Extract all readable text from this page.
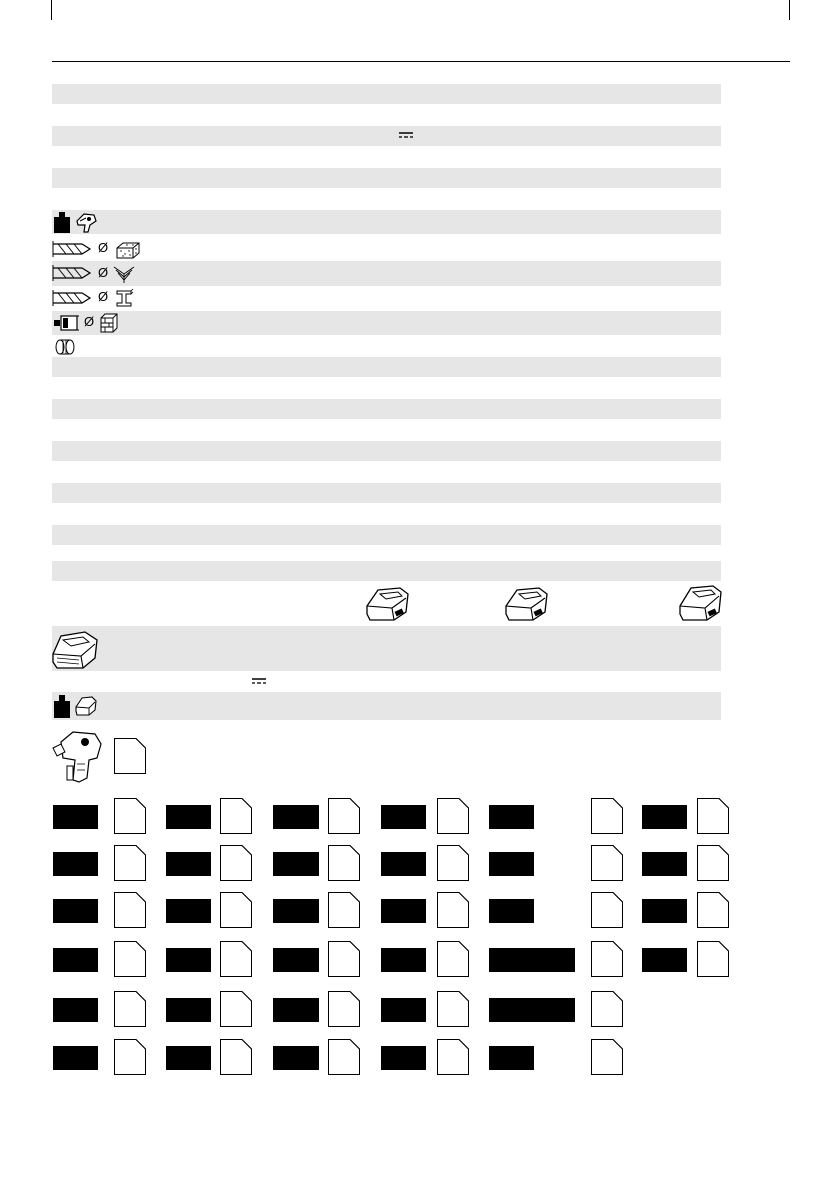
Ø
Ø
Ø
Ø
